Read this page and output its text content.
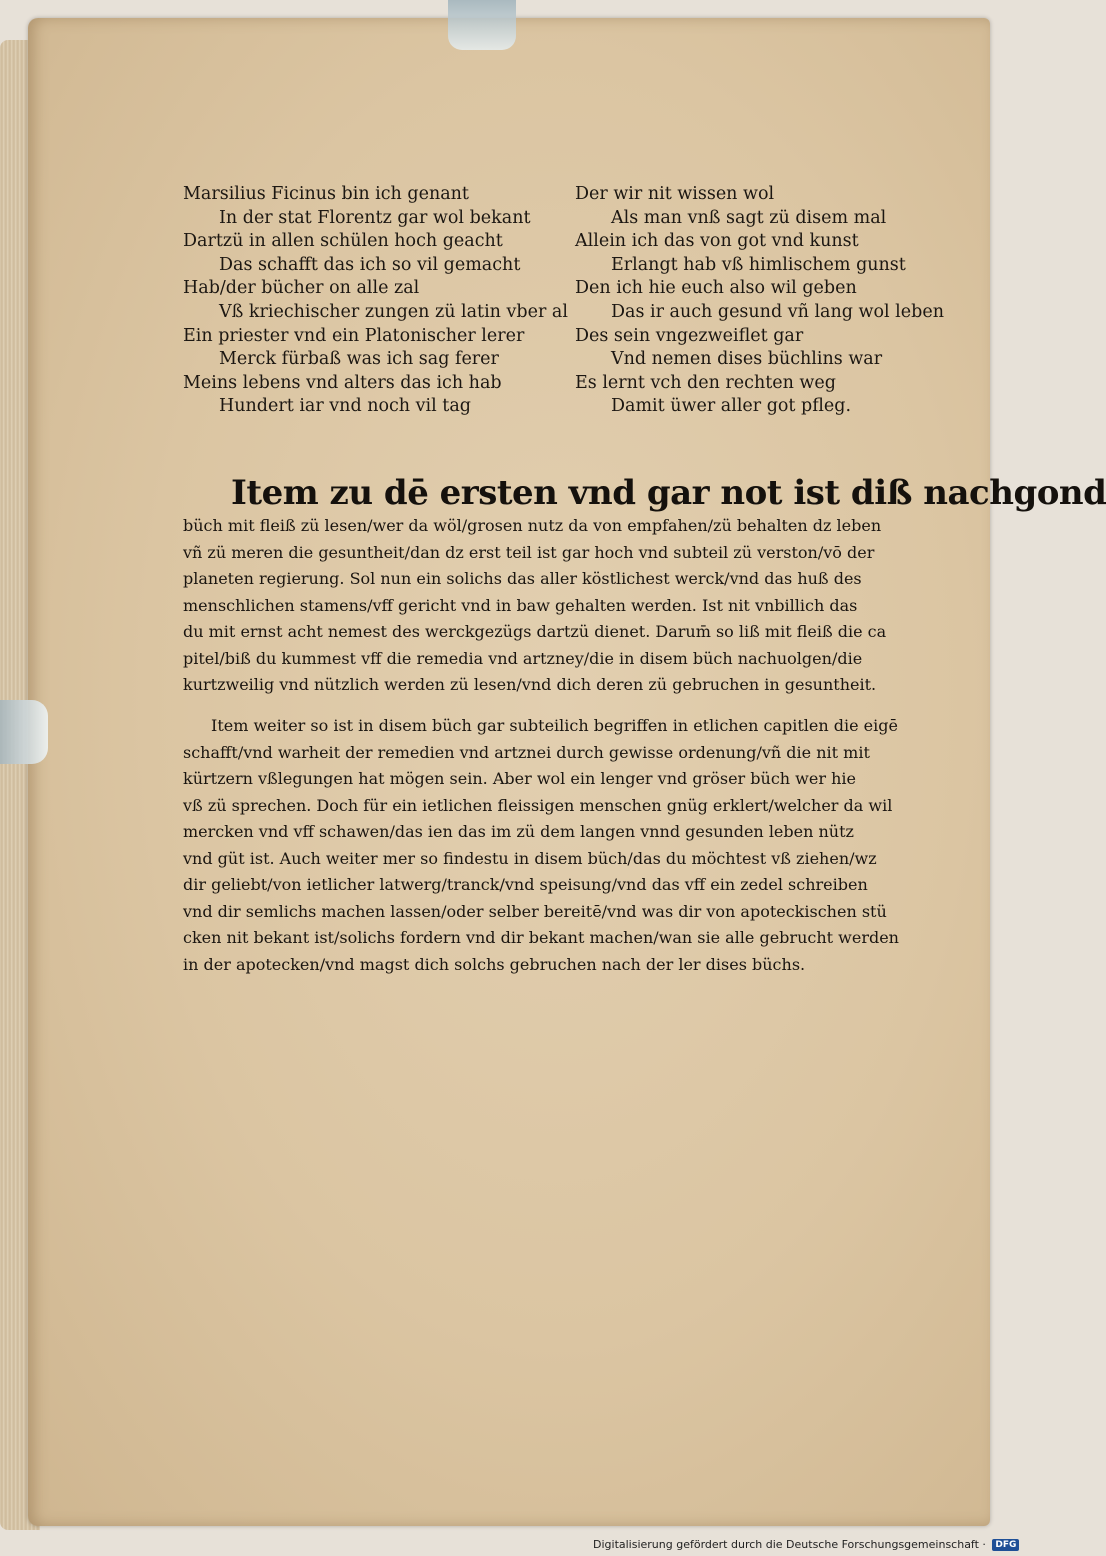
Marsilius Ficinus bin ich genant
In der stat Florentz gar wol bekant
Dartzü in allen schülen hoch geacht
Das schafft das ich so vil gemacht
Hab/der bücher on alle zal
Vß kriechischer zungen zü latin vber al
Ein priester vnd ein Platonischer lerer
Merck fürbaß was ich sag ferer
Meins lebens vnd alters das ich hab
Hundert iar vnd noch vil tag
Der wir nit wissen wol
Als man vnß sagt zü disem mal
Allein ich das von got vnd kunst
Erlangt hab vß himlischem gunst
Den ich hie euch also wil geben
Das ir auch gesund vñ lang wol leben
Des sein vngezweiflet gar
Vnd nemen dises büchlins war
Es lernt vch den rechten weg
Damit üwer aller got pfleg.
Item zu dē ersten vnd gar not ist diß nachgond
büch mit fleiß zü lesen/wer da wöl/grosen nutz da von empfahen/zü behalten dz leben
vñ zü meren die gesuntheit/dan dz erst teil ist gar hoch vnd subteil zü verston/vō der
planeten regierung. Sol nun ein solichs das aller köstlichest werck/vnd das huß des
menschlichen stamens/vff gericht vnd in baw gehalten werden. Ist nit vnbillich das
du mit ernst acht nemest des werckgezügs dartzü dienet. Darum̄ so liß mit fleiß die ca
pitel/biß du kummest vff die remedia vnd artzney/die in disem büch nachuolgen/die
kurtzweilig vnd nützlich werden zü lesen/vnd dich deren zü gebruchen in gesuntheit.
Item weiter so ist in disem büch gar subteilich begriffen in etlichen capitlen die eigē
schafft/vnd warheit der remedien vnd artznei durch gewisse ordenung/vñ die nit mit
kürtzern vßlegungen hat mögen sein. Aber wol ein lenger vnd gröser büch wer hie
vß zü sprechen. Doch für ein ietlichen fleissigen menschen gnüg erklert/welcher da wil
mercken vnd vff schawen/das ien das im zü dem langen vnnd gesunden leben nütz
vnd güt ist. Auch weiter mer so findestu in disem büch/das du möchtest vß ziehen/wz
dir geliebt/von ietlicher latwerg/tranck/vnd speisung/vnd das vff ein zedel schreiben
vnd dir semlichs machen lassen/oder selber bereitē/vnd was dir von apoteckischen stü
cken nit bekant ist/solichs fordern vnd dir bekant machen/wan sie alle gebrucht werden
in der apotecken/vnd magst dich solchs gebruchen nach der ler dises büchs.
Digitalisierung gefördert durch die Deutsche Forschungsgemeinschaft · DFG
